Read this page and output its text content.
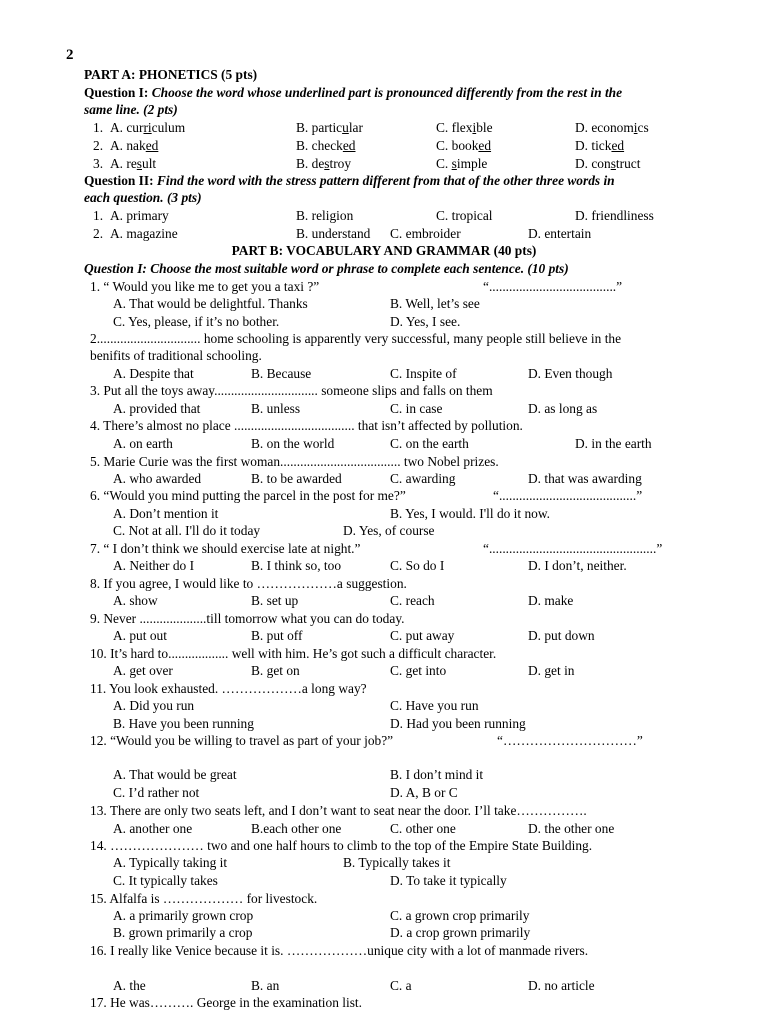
2
PART A: PHONETICS (5 pts)
Question I: Choose the word whose underlined part is pronounced differently from the rest in the
same line. (2 pts)
1. A. curriculum	B. particular	C. flexible	D. economics
2. A. naked	B. checked	C. booked	D. ticked
3. A. result	B. destroy	C. simple	D. construct
Question II: Find the word with the stress pattern different from that of the other three words in
each question. (3 pts)
1. A. primary	B. religion	C. tropical	D. friendliness
2. A. magazine	B. understand C. embroider	D. entertain
PART B: VOCABULARY AND GRAMMAR (40 pts)
Question I: Choose the most suitable word or phrase to complete each sentence. (10 pts)
1. “ Would you like me to get you a taxi ?”	“......................................”
A. That would be delightful. Thanks	B. Well, let’s see
C. Yes, please, if it’s no bother.	D. Yes, I see.
2............................... home schooling is apparently very successful, many people still believe in the
benifits of traditional schooling.
A. Despite that	B. Because	C. Inspite of	D. Even though
3. Put all the toys away............................... someone slips and falls on them
A. provided that	B. unless	C. in case	D. as long as
4. There’s almost no place .................................... that isn’t affected by pollution.
A. on earth	B. on the world	C. on the earth	D. in the earth
5. Marie Curie was the first woman.................................... two Nobel prizes.
A. who awarded	B. to be awarded	C. awarding	D. that was awarding
6. “Would you mind putting the parcel in the post for me?”	“.........................................”
A. Don’t mention it	B. Yes, I would. I'll do it now.
C. Not at all. I'll do it today	D. Yes, of course
7. “ I don’t think we should exercise late at night.”	“..................................................”
A. Neither do I	B. I think so, too	C. So do I	D. I don’t, neither.
8. If you agree, I would like to ………………a suggestion.
A. show	B. set up	C. reach	D. make
9. Never ....................till tomorrow what you can do today.
A. put out	B. put off	C. put away	D. put down
10. It’s hard to.................. well with him. He’s got such a difficult character.
A. get over	B. get on	C. get into	D. get in
11. You look exhausted. ………………a long way?
A. Did you run	C. Have you run
B. Have you been running	D. Had you been running
12. “Would you be willing to travel as part of your job?”	“…………………………”
A. That would be great	B. I don’t mind it
C. I’d rather not	D. A, B or C
13. There are only two seats left, and I don’t want to seat near the door. I’ll take…………….
A. another one	B.each other one	C. other one	D. the other one
14. ………………… two and one half hours to climb to the top of the Empire State Building.
A. Typically taking it	B. Typically takes it
C. It typically takes	D. To take it typically
15. Alfalfa is ……………… for livestock.
A. a primarily grown crop	C. a grown crop primarily
B. grown primarily a crop	D. a crop grown primarily
16. I really like Venice because it is. ………………unique city with a lot of manmade rivers.
A. the	B. an	C. a	D. no article
17. He was………. George in the examination list.
